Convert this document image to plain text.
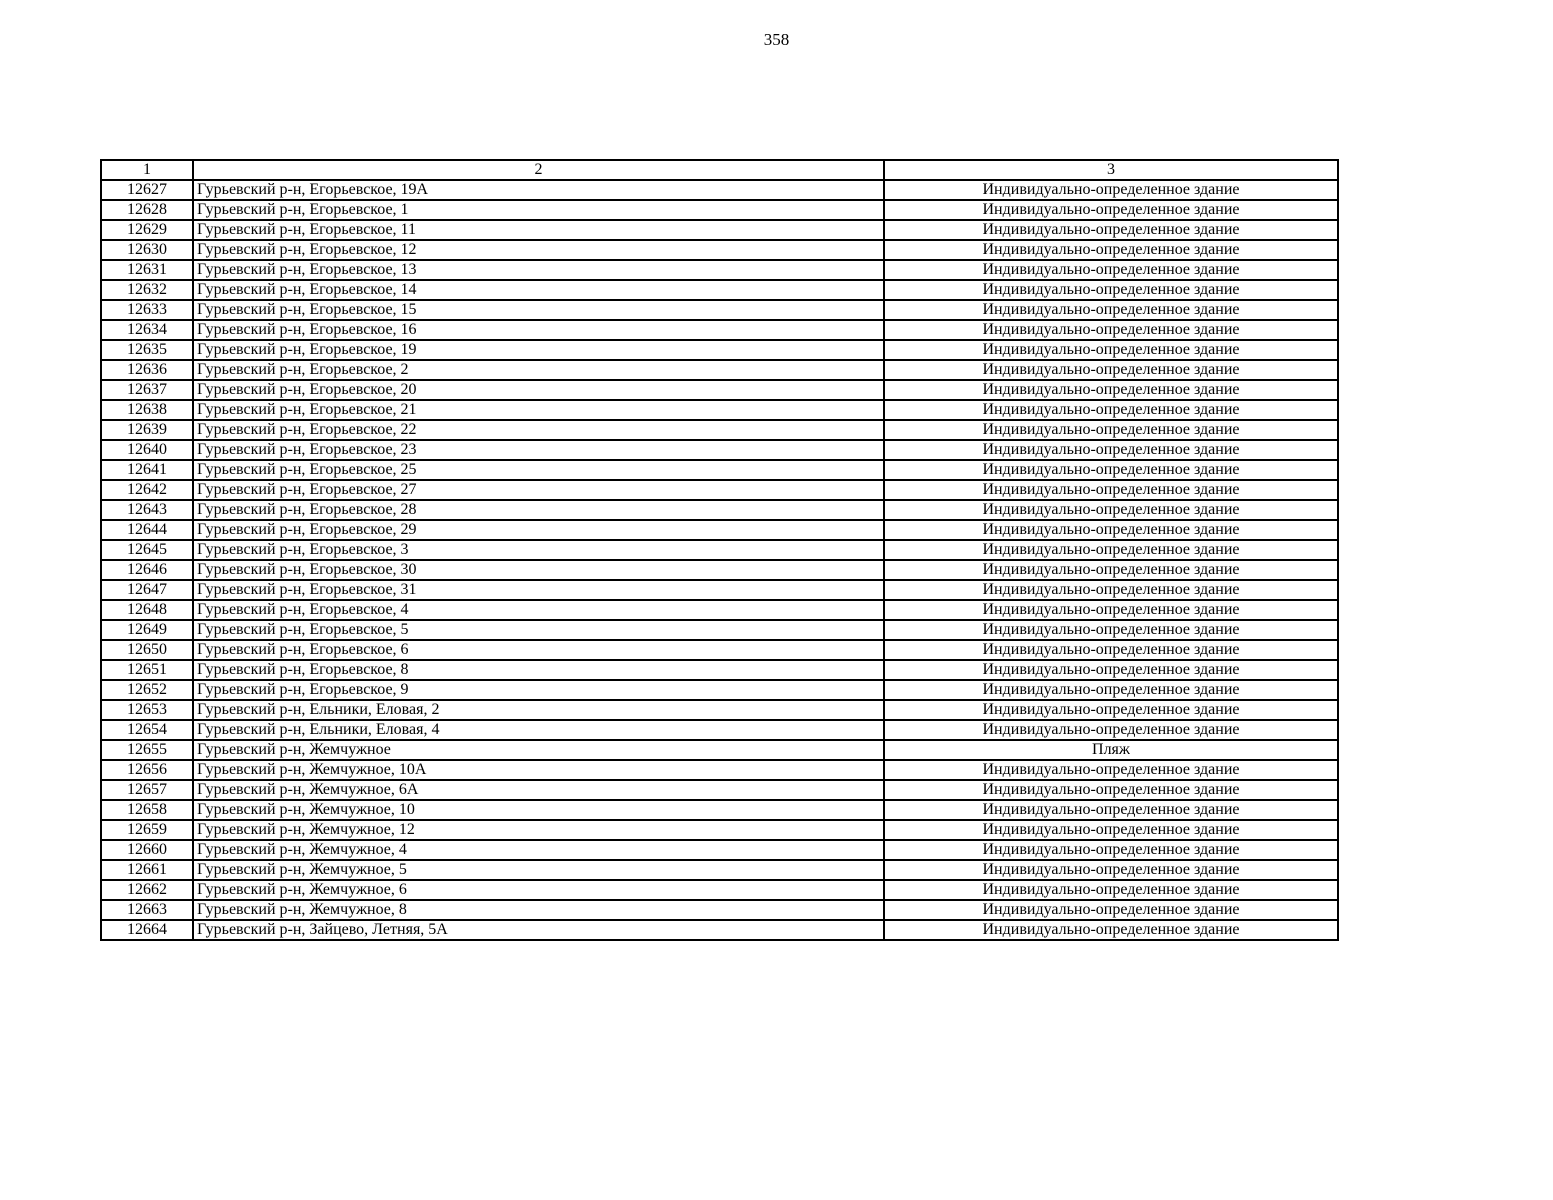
358
1	2	3
12627	Гурьевский р-н, Егорьевское, 19А	Индивидуально-определенное здание
12628	Гурьевский р-н, Егорьевское, 1	Индивидуально-определенное здание
12629	Гурьевский р-н, Егорьевское, 11	Индивидуально-определенное здание
12630	Гурьевский р-н, Егорьевское, 12	Индивидуально-определенное здание
12631	Гурьевский р-н, Егорьевское, 13	Индивидуально-определенное здание
12632	Гурьевский р-н, Егорьевское, 14	Индивидуально-определенное здание
12633	Гурьевский р-н, Егорьевское, 15	Индивидуально-определенное здание
12634	Гурьевский р-н, Егорьевское, 16	Индивидуально-определенное здание
12635	Гурьевский р-н, Егорьевское, 19	Индивидуально-определенное здание
12636	Гурьевский р-н, Егорьевское, 2	Индивидуально-определенное здание
12637	Гурьевский р-н, Егорьевское, 20	Индивидуально-определенное здание
12638	Гурьевский р-н, Егорьевское, 21	Индивидуально-определенное здание
12639	Гурьевский р-н, Егорьевское, 22	Индивидуально-определенное здание
12640	Гурьевский р-н, Егорьевское, 23	Индивидуально-определенное здание
12641	Гурьевский р-н, Егорьевское, 25	Индивидуально-определенное здание
12642	Гурьевский р-н, Егорьевское, 27	Индивидуально-определенное здание
12643	Гурьевский р-н, Егорьевское, 28	Индивидуально-определенное здание
12644	Гурьевский р-н, Егорьевское, 29	Индивидуально-определенное здание
12645	Гурьевский р-н, Егорьевское, 3	Индивидуально-определенное здание
12646	Гурьевский р-н, Егорьевское, 30	Индивидуально-определенное здание
12647	Гурьевский р-н, Егорьевское, 31	Индивидуально-определенное здание
12648	Гурьевский р-н, Егорьевское, 4	Индивидуально-определенное здание
12649	Гурьевский р-н, Егорьевское, 5	Индивидуально-определенное здание
12650	Гурьевский р-н, Егорьевское, 6	Индивидуально-определенное здание
12651	Гурьевский р-н, Егорьевское, 8	Индивидуально-определенное здание
12652	Гурьевский р-н, Егорьевское, 9	Индивидуально-определенное здание
12653	Гурьевский р-н, Ельники, Еловая, 2	Индивидуально-определенное здание
12654	Гурьевский р-н, Ельники, Еловая, 4	Индивидуально-определенное здание
12655	Гурьевский р-н, Жемчужное	Пляж
12656	Гурьевский р-н, Жемчужное, 10А	Индивидуально-определенное здание
12657	Гурьевский р-н, Жемчужное, 6А	Индивидуально-определенное здание
12658	Гурьевский р-н, Жемчужное, 10	Индивидуально-определенное здание
12659	Гурьевский р-н, Жемчужное, 12	Индивидуально-определенное здание
12660	Гурьевский р-н, Жемчужное, 4	Индивидуально-определенное здание
12661	Гурьевский р-н, Жемчужное, 5	Индивидуально-определенное здание
12662	Гурьевский р-н, Жемчужное, 6	Индивидуально-определенное здание
12663	Гурьевский р-н, Жемчужное, 8	Индивидуально-определенное здание
12664	Гурьевский р-н, Зайцево, Летняя, 5А	Индивидуально-определенное здание
